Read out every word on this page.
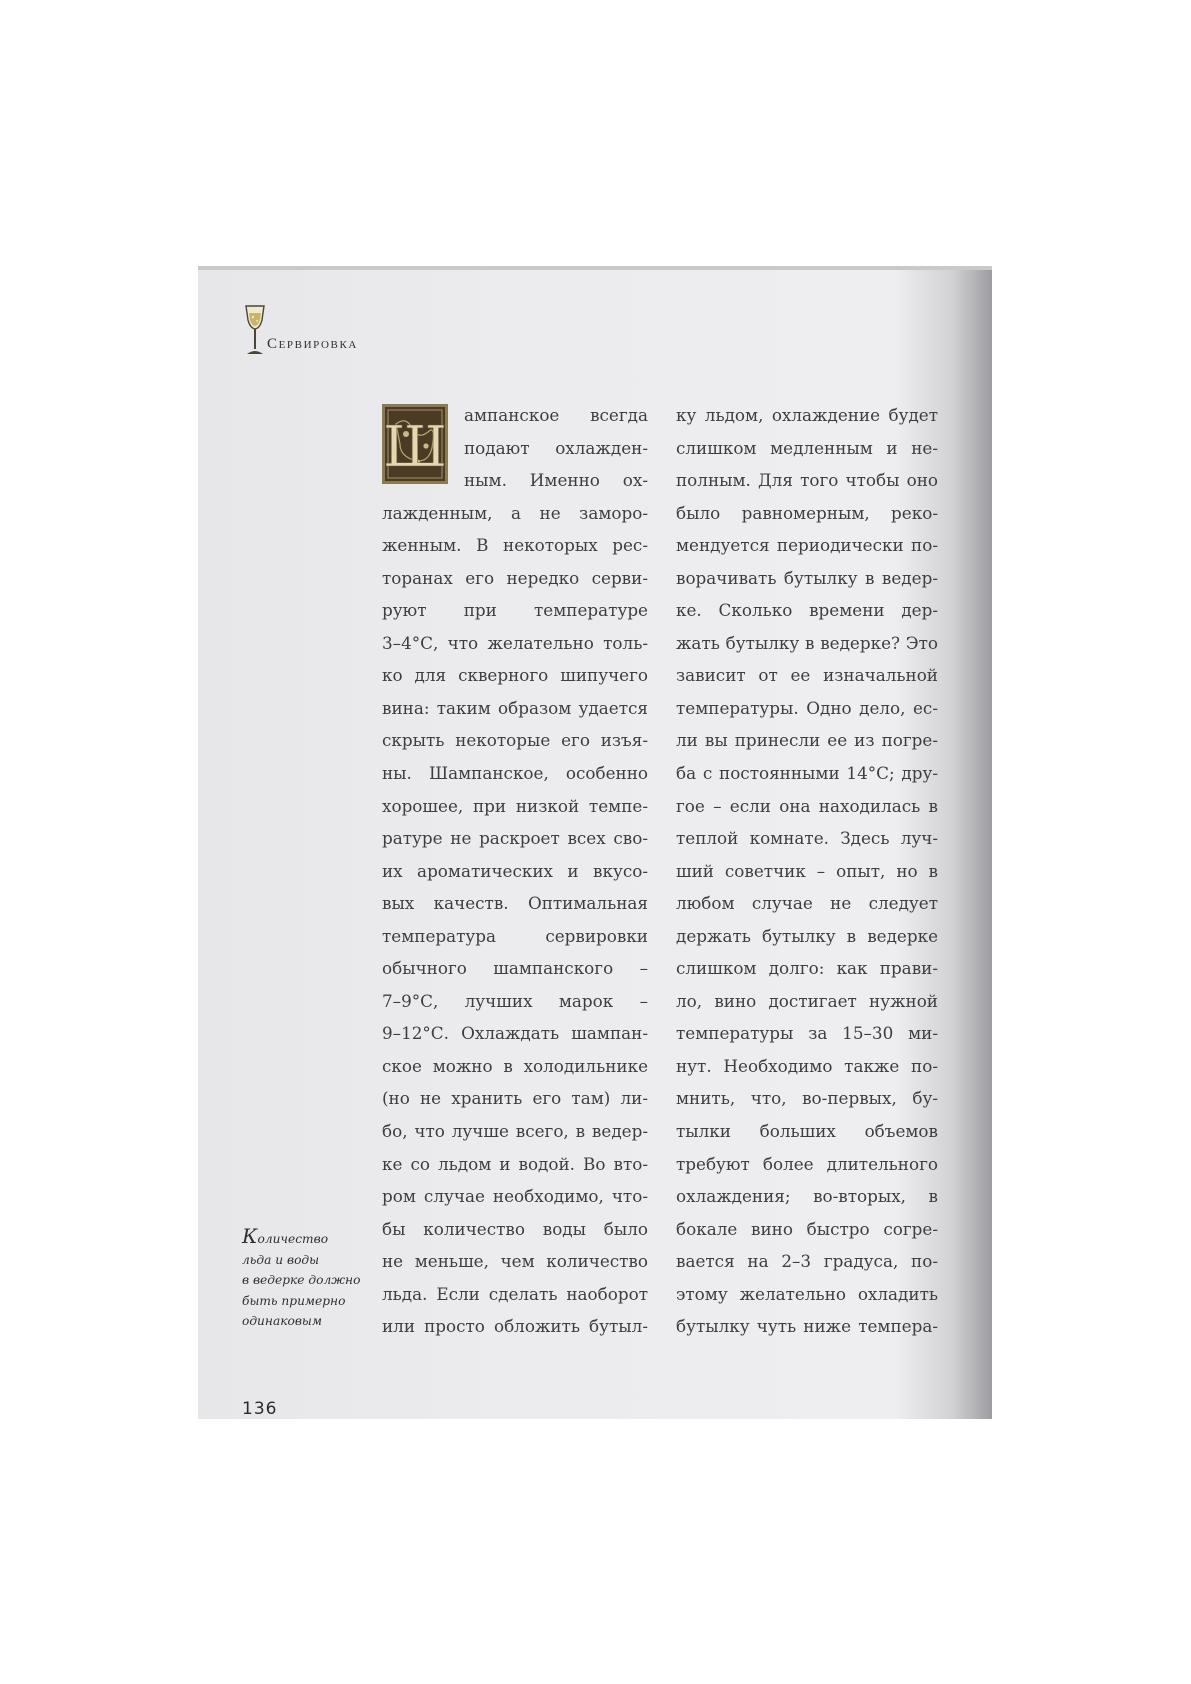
Сервировка
Ш	ампанское всегда
подают охлажден-
ным. Именно ох-
лажденным, а не заморо-
женным. В некоторых рес-
торанах его нередко серви-
руют при температуре
3–4°С, что желательно толь-
ко для скверного шипучего
вина: таким образом удается
скрыть некоторые его изъя-
ны. Шампанское, особенно
хорошее, при низкой темпе-
ратуре не раскроет всех сво-
их ароматических и вкусо-
вых качеств. Оптимальная
температура сервировки
обычного шампанского –
7–9°С, лучших марок –
9–12°С. Охлаждать шампан-
ское можно в холодильнике
(но не хранить его там) ли-
бо, что лучше всего, в ведер-
ке со льдом и водой. Во вто-
ром случае необходимо, что-
бы количество воды было
не меньше, чем количество
льда. Если сделать наоборот
или просто обложить бутыл-
ку льдом, охлаждение будет
слишком медленным и не-
полным. Для того чтобы оно
было равномерным, реко-
мендуется периодически по-
ворачивать бутылку в ведер-
ке. Сколько времени дер-
жать бутылку в ведерке? Это
зависит от ее изначальной
температуры. Одно дело, ес-
ли вы принесли ее из погре-
ба с постоянными 14°С; дру-
гое – если она находилась в
теплой комнате. Здесь луч-
ший советчик – опыт, но в
любом случае не следует
держать бутылку в ведерке
слишком долго: как прави-
ло, вино достигает нужной
температуры за 15–30 ми-
нут. Необходимо также по-
мнить, что, во-первых, бу-
тылки больших объемов
требуют более длительного
охлаждения; во-вторых, в
бокале вино быстро согре-
вается на 2–3 градуса, по-
этому желательно охладить
бутылку чуть ниже темпера-
Количество
льда и воды
в ведерке должно
быть примерно
одинаковым
136
